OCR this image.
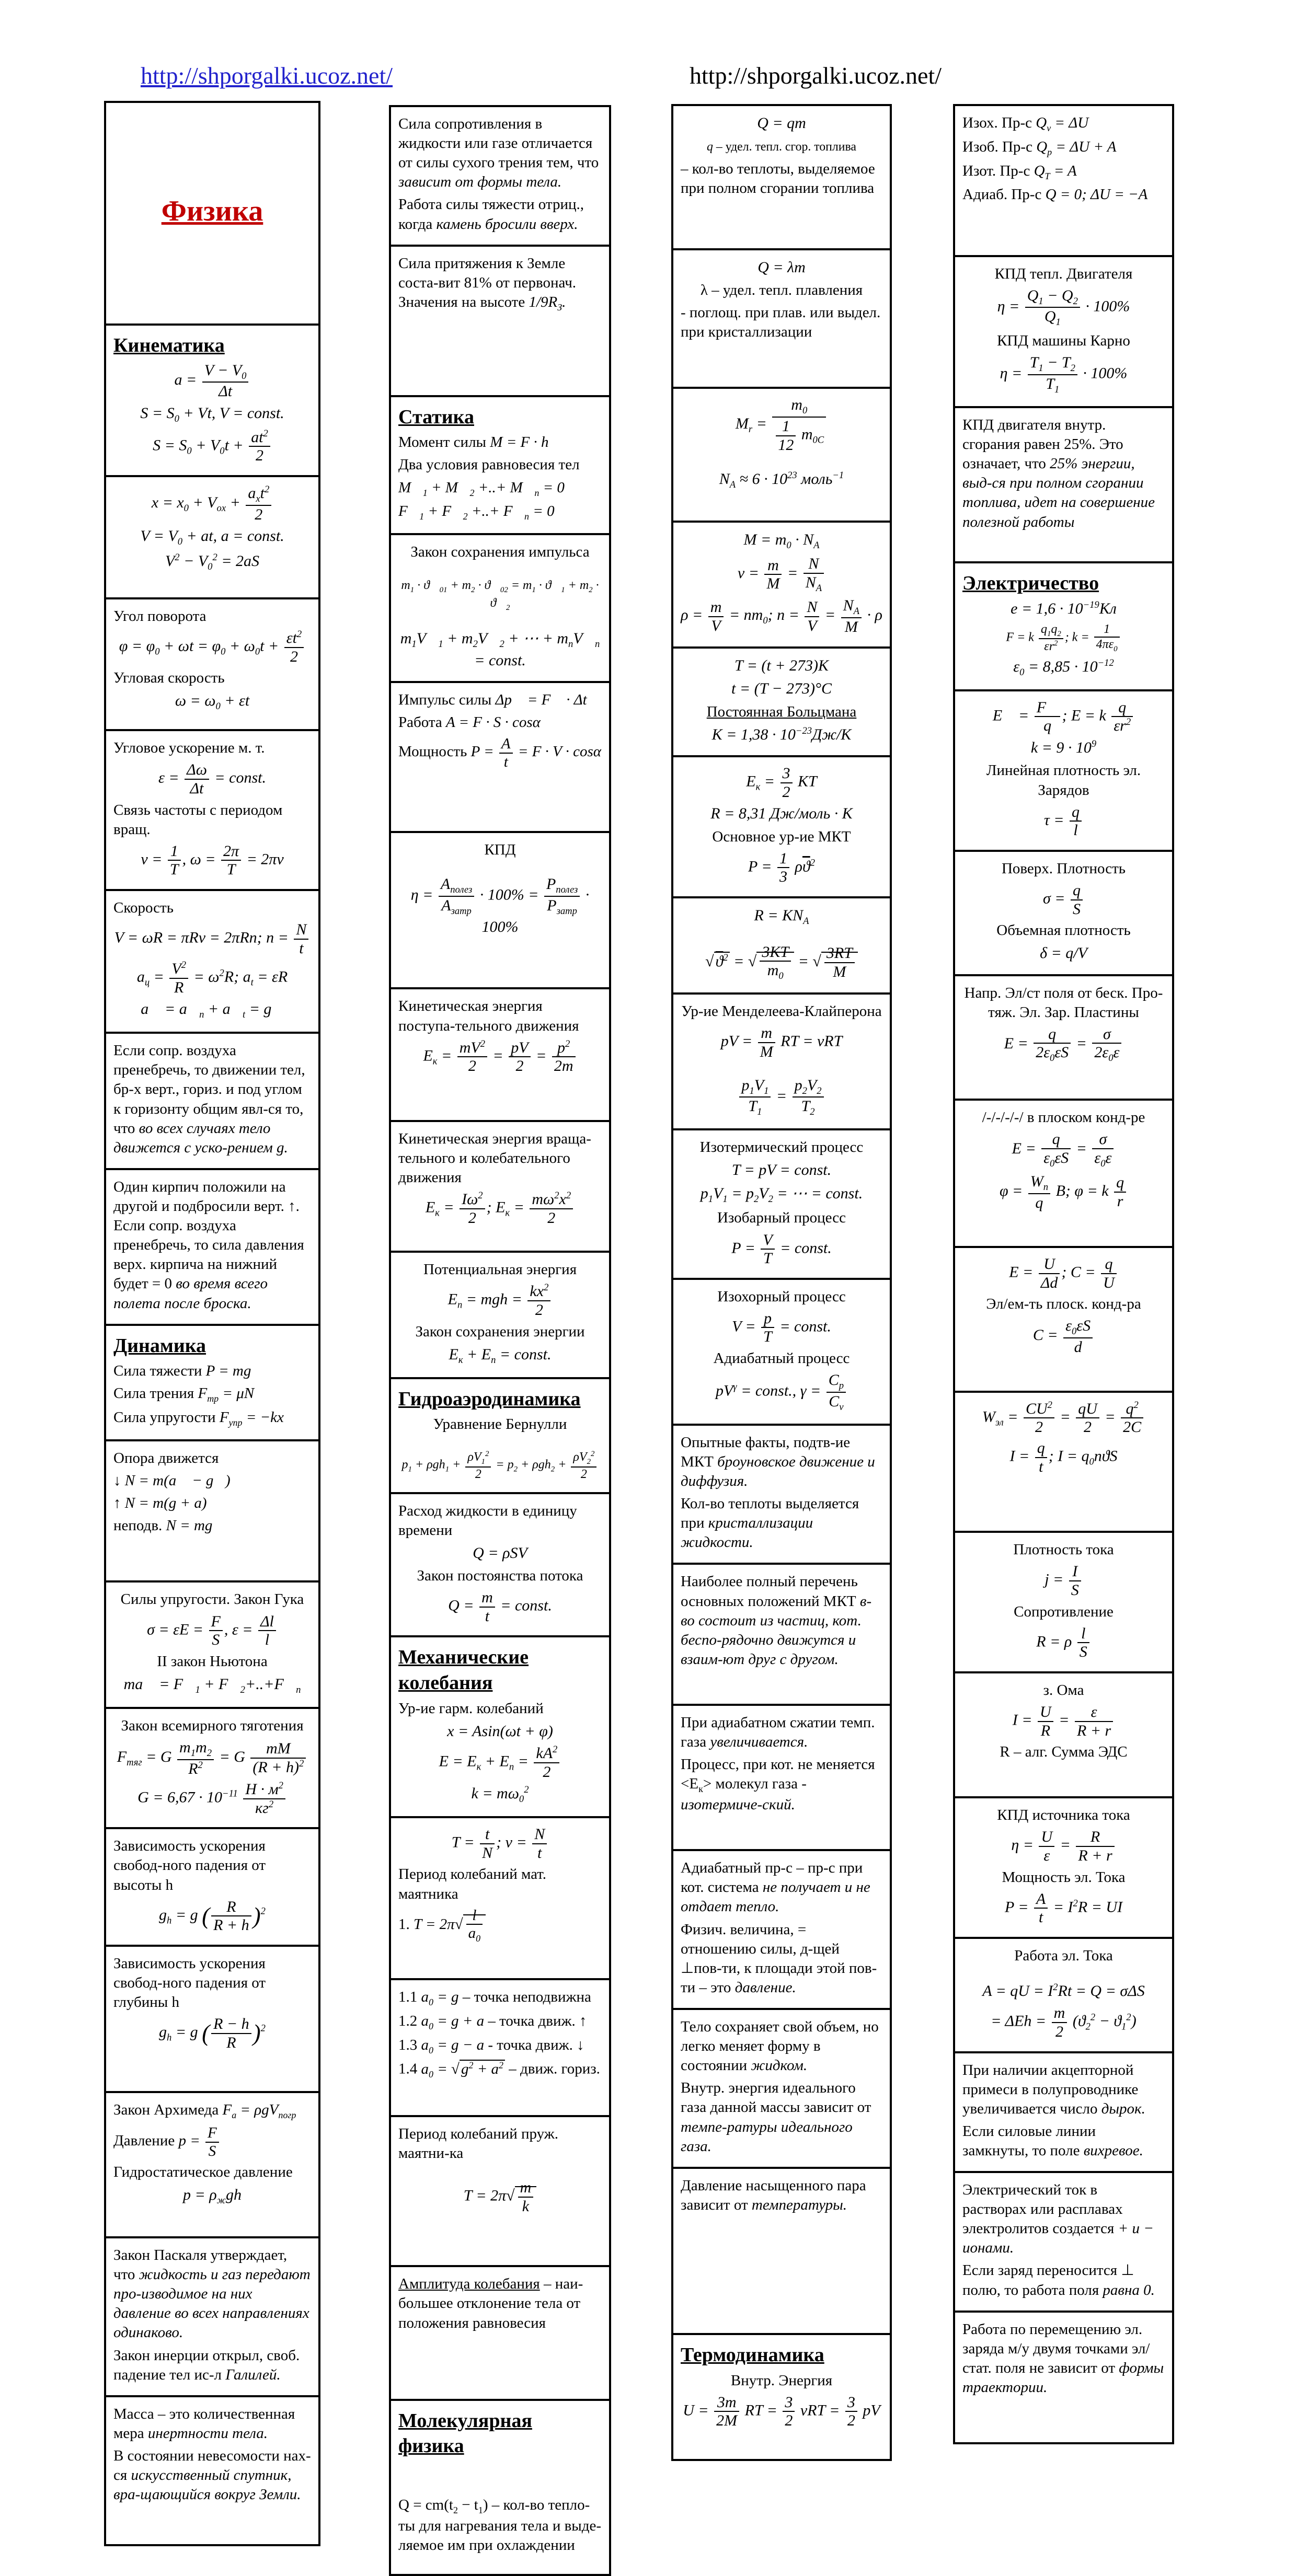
http://shporgalki.ucoz.net/	http://shporgalki.ucoz.net/
Физика
Кинематика
$a = \frac{V - V_0}{\Delta t}$
$S = S_0 + Vt$, V = const.
$S = S_0 + V_0t + \frac{at^2}{2}$
$x = x_0 + V_{ox}$ +
$a_xt^2$
2
$V = V_0$ + at, a = const.
$V^2 - V_0^2 = 2aS$
Угол поворота
$\varphi = \varphi_0 + \omega t = \varphi_0 + \omega_0t + \frac{\varepsilon t^2}{2}$
Угловая скорость
$\omega = \omega_0 + \varepsilon t$
Угловое ускорение м. т.
$\varepsilon = \frac{\Delta\omega}{\Delta t}$ = const.
Связь частоты с периодом вращ.
$\nu = \frac{1}{T}$ , $\omega = \frac{2\pi}{T} = 2\pi\nu$
Скорость
V = ωR = πRν = 2πRn; $n = \frac{N}{t}$
$a_ц = \frac{V^2}{R} = \omega^2R$; $a_t = \varepsilon R$
a⃗ = $a⃗_n$ + $a⃗_t$ = g⃗
Если сопр. воздуха пренебречь, то движении тел, бр-х верт., гориз. и под углом к горизонту общим явл-ся то, что во всех случаях тело движется с уско-рением g.
Один кирпич положили на другой и подбросили верт. ↑. Если сопр. воздуха пренебречь, то сила давления верх. кирпича на нижний будет = 0 во время всего полета после броска.
Динамика
Сила тяжести P = mg
Сила трения $F_{тр} = \mu N$
Сила упругости $F_{упр} = -kx$
Опора движется
↓ N = m(a⃗ − g⃗)
↑ N = m(g + a)
неподв. N = mg
Силы упругости. Закон Гука
$\sigma = \varepsilon E = \frac{F}{S}$ , $\varepsilon = \frac{\Delta l}{l}$
II закон Ньютона
ma⃗ = $F⃗_1$ + $F⃗_2+..+F⃗_n$
Закон всемирного тяготения
$F_{тяг} = G \frac{m_1m_2}{R^2} = G \frac{mM}{(R + h)^2}$
$G = 6,67 \cdot 10^{-11}$ $Н \cdot м^2$
$кг^2$
Зависимость ускорения свобод-ного падения от высоты h
$g_h = g$ ( $\frac{R}{R + h} )^2$
Зависимость ускорения свобод-ного падения от глубины h
$g_h = g$ ( $\frac{R - h}{R} )^2$
Закон Архимеда $F_а = \rho gV_{погр}$
Давление $p = \frac{F}{S}$
Гидростатическое давление
$p = \rho_жgh$
Закон Паскаля утверждает, что жидкость и газ передают про-изводимое на них давление во всех направлениях одинаково.
Закон инерции открыл, своб. падение тел ис-л Галилей.
Масса – это количественная мера инертности тела.
В состоянии невесомости нах-ся искусственный спутник, вра-щающийся вокруг Земли.
Сила сопротивления в жидкости или газе отличается от силы сухого трения тем, что зависит от формы тела.
Работа силы тяжести отриц., когда камень бросили вверх.
Сила притяжения к Земле соста-вит 81% от первонач. Значения на высоте $1/9R_З$.
Статика
Момент силы M = F · h
Два условия равновесия тел
$M⃗_1$ + $M⃗_2$ +..+ $M⃗_n = 0$
$F⃗_1$ + $F⃗_2$ +..+ $F⃗_n = 0$
Закон сохранения импульса
$m_1$ · $ϑ⃗_{01} + m_2$ · $ϑ⃗_{02} = m_1$ · $ϑ⃗_1 + m_2$ · $ϑ⃗_2$
$m_1V⃗_1$ + $m_2V⃗_2$ + ⋯ + $m_nV⃗_n$
= const.
Импульс силы Δp⃗ = F⃗ · Δt
Работа A = F · S · cosα
Мощность $P = \frac{A}{t} = F \cdot V \cdot \cos\alpha$
КПД
η =
$A_{полез}$
$A_{затр}$
· 100% =
$P_{полез}$
$P_{затр}$
· 100%
Кинетическая энергия поступа-тельного движения
$E_к = \frac{mV^2}{2} = \frac{pV}{2} = \frac{p^2}{2m}$
Кинетическая энергия враща-тельного и колебательного движения
$E_к = \frac{I\omega^2}{2}$ ; $E_к = \frac{m\omega^2x^2}{2}$
Потенциальная энергия
$E_п$ = mgh = $\frac{kx^2}{2}$
Закон сохранения энергии
$E_к + E_п$ = const.
Гидроаэродинамика
Уравнение Бернулли
$p_1 + \rho gh_1 + \frac{\rho V_1^2}{2} = p_2 + \rho gh_2 + \frac{\rho V_2^2}{2}$
Расход жидкости в единицу времени
Q = ρSV
Закон постоянства потока
$Q = \frac{m}{t}$ = const.
Механические колебания
Ур-ие гарм. колебаний
x = Asin(ωt + φ)
$E = E_к + E_п = \frac{kA^2}{2}$
$k = m\omega_0^2$
$T = \frac{t}{N}$ ; $\nu = \frac{N}{t}$
Период колебаний мат. маятника
1. $T = 2\pi√ \frac{l}{a_0}$
1.1 $a_0 = g$ – точка неподвижна
1.2 $a_0 = g + a$ – точка движ. ↑
1.3 $a_0 = g - a$ - точка движ. ↓
1.4 $a_0$ = √ $g^2 + a^2$ – движ. гориз.
Период колебаний пруж. маятни-ка
$T = 2\pi√ \frac{m}{k}$
Амплитуда колебания – наи-большее отклонение тела от положения равновесия
Молекулярная физика
$Q = cm(t_2 - t_1) - кол-во$ тепло-ты для нагревания тела и выде-ляемое им при охлаждении
Q = qm
q – удел. тепл. сгор. топлива
– кол-во теплоты, выделяемое при полном сгорании топлива
Q = λm
λ – удел. тепл. плавления
- поглощ. при плав. или выдел. при кристаллизации
$M_r = \frac{m_0}{\frac{1}{12} m_{0C}}$
$N_A \approx 6 \cdot 10^{23}$ моль$^{-1}$
$M = m_0 \cdot N_A$
$\nu = \frac{m}{M} = \frac{N}{N_A}$
$\rho = \frac{m}{V} = nm_0$; $n = \frac{N}{V} = \frac{N_A}{M} \cdot \rho$
T = (t + 273)K
t = (T − 273)°C
Постоянная Больцмана
$K = 1,38 \cdot 10^{-23}Дж/К$
$E_к = \frac{3}{2}$ KT
R = 8,31 Дж/моль · К
Основное ур-ие МКТ
$P = \frac{1}{3} \rho\overline{ϑ}^2$
$R = KN_A$
√ $ϑ^2$ = √ $\frac{3KT}{m_0}$ = √ $\frac{3RT}{M}$
Ур-ие Менделеева-Клайперона
pV = $\frac{m}{M}$ RT = νRT
$\frac{p_1V_1}{T_1} = \frac{p_2V_2}{T_2}$
Изотермический процесс
T = pV = const.
$p_1V_1 = p_2V_2$ = ⋯ = const.
Изобарный процесс
$P = \frac{V}{T}$ = const.
Изохорный процесс
$V = \frac{p}{T}$ = const.
Адиабатный процесс
$pV^\gamma$ = const., $\gamma = \frac{C_p}{C_v}$
Опытные факты, подтв-ие МКТ броуновское движение и диффузия.
Кол-во теплоты выделяется при кристаллизации жидкости.
Наиболее полный перечень основных положений МКТ в-во состоит из частиц, кот. беспо-рядочно движутся и взаим-ют друг с другом.
При адиабатном сжатии темп. газа увеличивается.
Процесс, при кот. не меняется $<Е_к>$ молекул газа - изотермиче-ский.
Адиабатный пр-с – пр-с при кот. система не получает и не отдает тепло.
Физич. величина, = отношению силы, д-щей ⊥пов-ти, к площади этой пов-ти – это давление.
Тело сохраняет свой объем, но легко меняет форму в состоянии жидком.
Внутр. энергия идеального газа данной массы зависит от темпе-ратуры идеального газа.
Давление насыщенного пара зависит от температуры.
Термодинамика
Внутр. Энергия
$U = \frac{3m}{2M}$ RT = $\frac{3}{2}$ $\nu RT = \frac{3}{2}$ pV
Изох. Пр-с $Q_v = \Delta U$
Изоб. Пр-с $Q_p = \Delta U + A$
Изот. Пр-с $Q_T = A$
Адиаб. Пр-с Q = 0; ΔU = −A
КПД тепл. Двигателя
$\eta = \frac{Q_1 - Q_2}{Q_1} \cdot 100\%$
КПД машины Карно
$\eta = \frac{T_1 - T_2}{T_1} \cdot 100\%$
КПД двигателя внутр. сгорания равен 25%. Это означает, что 25% энергии, выд-ся при полном сгорании топлива, идет на совершение полезной работы
Электричество
$e = 1,6 \cdot 10^{-19}Кл$
F = k $\frac{q_1q_2}{\varepsilon r^2}$ ; $k = \frac{1}{4\pi\varepsilon_0}$
$\varepsilon_0 = 8,85 \cdot 10^{-12}$
E⃗ = $\frac{F⃗}{q}$ ; E = k $\frac{q}{\varepsilon r^2}$
$k = 9 \cdot 10^9$
Линейная плотность эл. Зарядов
$\tau = \frac{q}{l}$
Поверх. Плотность
$\sigma = \frac{q}{S}$
Объемная плотность
δ = q/V
Напр. Эл/ст поля от беск. Про-тяж. Эл. Зар. Пластины
$E = \frac{q}{2\varepsilon_0\varepsilon S} = \frac{\sigma}{2\varepsilon_0\varepsilon}$
/-/-/-/-/ в плоском конд-ре
$E = \frac{q}{\varepsilon_0\varepsilon S} = \frac{\sigma}{\varepsilon_0\varepsilon}$
φ =
$W_п$
q
B; φ = k $\frac{q}{r}$
$E = \frac{U}{\Delta d}$ ; $C = \frac{q}{U}$
Эл/ем-ть плоск. конд-ра
$C = \frac{\varepsilon_0\varepsilon S}{d}$
$W_{эл} = \frac{CU^2}{2} = \frac{qU}{2} = \frac{q^2}{2C}$
$I = \frac{q}{t}$ ; $I = q_0nϑS$
Плотность тока
$j = \frac{I}{S}$
Сопротивление
R = ρ $\frac{l}{S}$
з. Ома
$I = \frac{U}{R} = \frac{\varepsilon}{R + r}$
R – алг. Сумма ЭДС
КПД источника тока
$\eta = \frac{U}{\varepsilon} = \frac{R}{R + r}$
Мощность эл. Тока
$P = \frac{A}{t} = I^2R$ = UI
Работа эл. Тока
A = qU = $I^2Rt = Q = \sigma\Delta S$
= $\Delta Eh = \frac{m}{2} (ϑ_2^2 - ϑ_1^2)$
При наличии акцепторной примеси в полупроводнике увеличивается число дырок.
Если силовые линии замкнуты, то поле вихревое.
Электрический ток в растворах или расплавах электролитов создается + и − ионами.
Если заряд переносится ⊥ полю, то работа поля равна 0.
Работа по перемещению эл. заряда м/у двумя точками эл/стат. поля не зависит от формы траектории.
